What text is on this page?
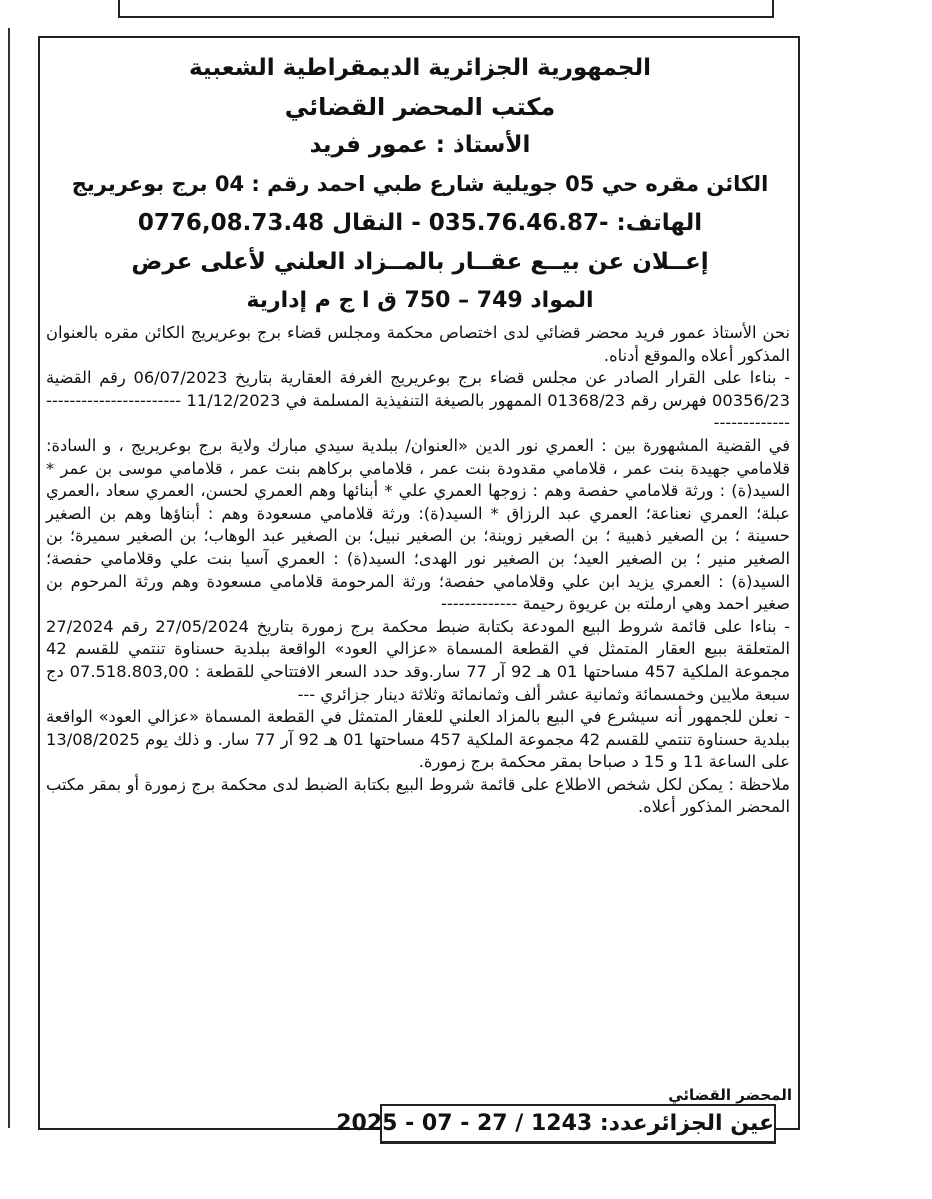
الجمهورية الجزائرية الديمقراطية الشعبية

مكتب المحضر القضائي

الأستاذ : عمور فريد

الكائن مقره حي 05 جويلية شارع طبي احمد رقم : 04 برج بوعريريج

الهاتف: -035.76.46.87 - النقال 0776,08.73.48

إعــلان عن بيــع عقــار بالمــزاد العلني لأعلى عرض

المواد 749 – 750 ق ا ج م إدارية

نحن الأستاذ عمور فريد محضر قضائي لدى اختصاص محكمة ومجلس قضاء برج بوعريريج الكائن مقره بالعنوان المذكور أعلاه والموقع أدناه.

- بناءا على القرار الصادر عن مجلس قضاء برج بوعريريج الغرفة العقارية بتاريخ 06/07/2023 رقم القضية 00356/23 فهرس رقم 01368/23 الممهور بالصيغة التنفيذية المسلمة في 11/12/2023 ------------------------------------

في القضية المشهورة بين : العمري نور الدين «العنوان/ ببلدية سيدي مبارك ولاية برج بوعريريج ، و السادة: قلامامي جهيدة بنت عمر ، قلامامي مقدودة بنت عمر ، قلامامي بركاهم بنت عمر ، قلامامي موسى بن عمر * السيد(ة) : ورثة قلامامي حفصة وهم : زوجها العمري علي * أبنائها وهم العمري لحسن، العمري سعاد ،العمري عبلة؛ العمري نعناعة؛ العمري عبد الرزاق * السيد(ة): ورثة قلامامي مسعودة وهم : أبناؤها وهم بن الصغير حسينة ؛ بن الصغير ذهبية ؛ بن الصغير زوينة؛ بن الصغير نبيل؛ بن الصغير عبد الوهاب؛ بن الصغير سميرة؛ بن الصغير منير ؛ بن الصغير العيد؛ بن الصغير نور الهدى؛ السيد(ة) : العمري آسيا بنت علي وقلامامي حفصة؛ السيد(ة) : العمري يزيد ابن علي وقلامامي حفصة؛ ورثة المرحومة قلامامي مسعودة وهم ورثة المرحوم بن صغير احمد وهي ارملته بن عريوة رحيمة -------------

- بناءا على قائمة شروط البيع المودعة بكتابة ضبط محكمة برج زمورة بتاريخ 27/05/2024 رقم 27/2024 المتعلقة ببيع العقار المتمثل في القطعة المسماة «عزالي العود» الواقعة ببلدية حسناوة تنتمي للقسم 42 مجموعة الملكية 457 مساحتها 01 هـ 92 آر 77 سار.وقد حدد السعر الافتتاحي للقطعة : 07.518.803,00 دج سبعة ملايين وخمسمائة وثمانية عشر ألف وثمانمائة وثلاثة دينار جزائري ---

- نعلن للجمهور أنه سيشرع في البيع بالمزاد العلني للعقار المتمثل في القطعة المسماة «عزالي العود» الواقعة ببلدية حسناوة تنتمي للقسم 42 مجموعة الملكية 457 مساحتها 01 هـ 92 آر 77 سار. و ذلك يوم 13/08/2025 على الساعة 11 و 15 د صباحا بمقر محكمة برج زمورة.

ملاحظة : يمكن لكل شخص الاطلاع على قائمة شروط البيع بكتابة الضبط لدى محكمة برج زمورة أو بمقر مكتب المحضر المذكور أعلاه.

المحضر القضائي
عين الجزائرعدد: 1243 / 27 - 07 - 2025
